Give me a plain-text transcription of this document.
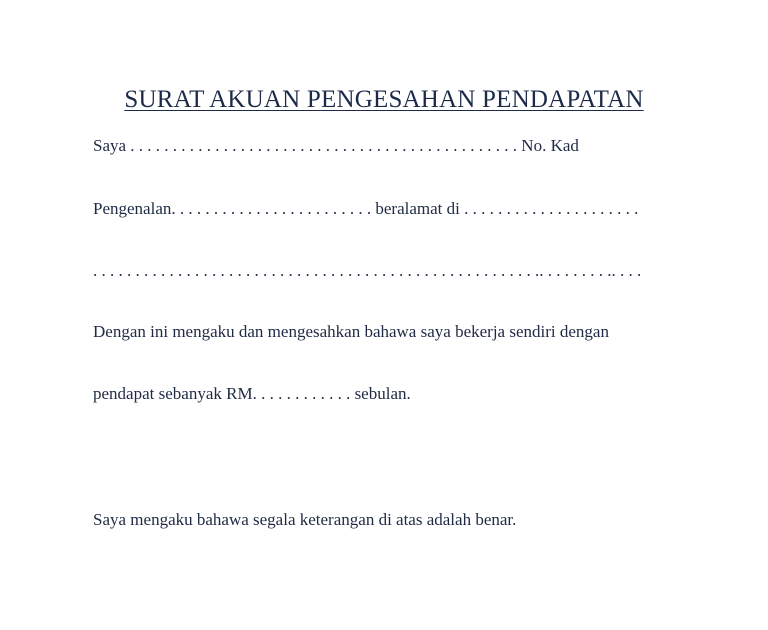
SURAT AKUAN PENGESAHAN PENDAPATAN
Saya . . . . . . . . . . . . . . . . . . . . . . . . . . . . . . . . . . . . . . . . . . . . . . No. Kad
Pengenalan. . . . . . . . . . . . . . . . . . . . . . . . beralamat di . . . . . . . . . . . . . . . . . . . . .
. . . . . . . . . . . . . . . . . . . . . . . . . . . . . . . . . . . . . . . . . . . . . . . . . . . . .. . . . . . . . .. . . .
Dengan ini mengaku dan mengesahkan bahawa saya bekerja sendiri dengan
pendapat sebanyak RM. . . . . . . . . . . . sebulan.
Saya mengaku bahawa segala keterangan di atas adalah benar.
